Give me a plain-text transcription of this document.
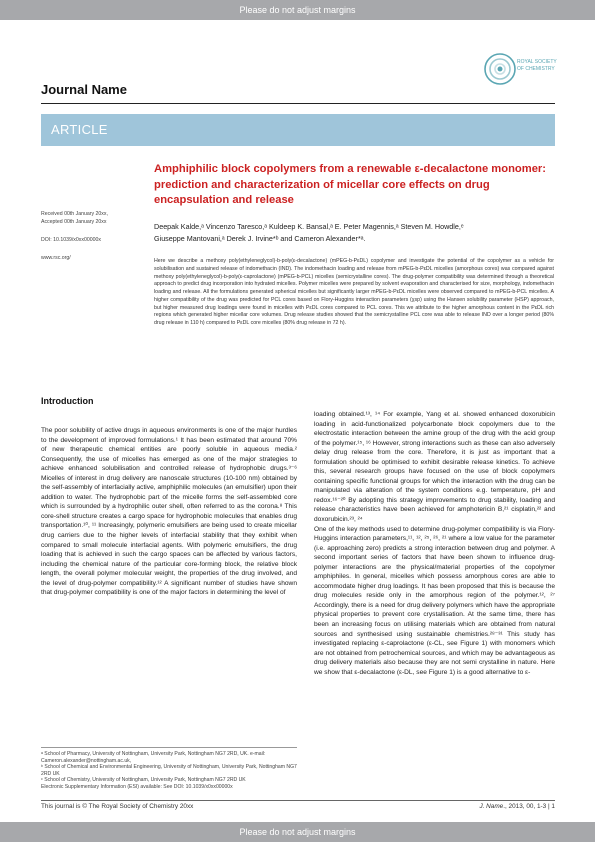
Please do not adjust margins
Journal Name
ROYAL SOCIETY
OF CHEMISTRY
ARTICLE
Amphiphilic block copolymers from a renewable ε-decalactone monomer: prediction and characterization of micellar core effects on drug encapsulation and release
Received 00th January 20xx,
Accepted 00th January 20xx
DOI: 10.1039/x0xx00000x
www.rsc.org/
Deepak Kalde,ᵃ Vincenzo Taresco,ᵃ Kuldeep K. Bansal,ᵃ E. Peter Magennis,ᵃ Steven M. Howdle,ᵉ
Giuseppe Mantovani,ᵃ Derek J. Irvine*ᵇ and Cameron Alexander*ᵃ.
Here we describe a methoxy poly(ethyleneglycol)-b-poly(ε-decalactone) (mPEG-b-PεDL) copolymer and investigate the potential of the copolymer as a vehicle for solubilisation and sustained release of indomethacin (IND). The indomethacin loading and release from mPEG-b-PεDL micelles (amorphous cores) was compared against methoxy poly(ethyleneglycol)-b-poly(ε-caprolactone) (mPEG-b-PCL) micelles (semicrystalline cores). The drug-polymer compatibility was determined through a theoretical approach to predict drug incorporation into hydrated micelles. Polymer micelles were prepared by solvent evaporation and characterised for size, morphology, indomethacin loading and release. All the formulations generated spherical micelles but significantly larger mPEG-b-PεDL micelles were observed compared to mPEG-b-PCL micelles. A higher compatibility of the drug was predicted for PCL cores based on Flory-Huggins interaction parameters (χsp) using the Hansen solubility parameter (HSP) approach, but higher measured drug loadings were found in micelles with PεDL cores compared to PCL cores. This we attribute to the higher amorphous content in the PεDL rich regions which generated higher micellar core volumes. Drug release studies showed that the semicrystalline PCL core was able to release IND over a longer period (80% drug release in 110 h) compared to PεDL core micelles (80% drug release in 72 h).
Introduction

The poor solubility of active drugs in aqueous environments is one of the major hurdles to the development of improved formulations.¹ It has been estimated that around 70% of new therapeutic chemical entities are poorly soluble in aqueous media.² Consequently, the use of micelles has emerged as one of the major strategies to achieve enhanced solubilisation and controlled release of hydrophobic drugs.³⁻⁶ Micelles of interest in drug delivery are nanoscale structures (10-100 nm) obtained by the self-assembly of interfacially active, amphiphilic molecules (an emulsifier) upon their addition to water. The hydrophobic part of the micelle forms the self-assembled core which is surrounded by a hydrophilic outer shell, often referred to as the corona.⁸ This core-shell structure creates a cargo space for hydrophobic molecules that enables drug transportation.¹⁰, ¹¹ Increasingly, polymeric emulsifiers are being used to create micellar drug carriers due to the higher levels of interfacial stability that they exhibit when compared to small molecule interfacial agents. With polymeric emulsifiers, the drug loading that is achieved in such the cargo spaces can be affected by various factors, including the chemical nature of the particular core-forming block, the relative block length, the overall polymer molecular weight, the properties of the drug involved, and the level of drug-polymer compatibility.¹² A significant number of studies have shown that drug-polymer compatibility is one of the major factors in determining the level of

loading obtained.¹³, ¹⁴ For example, Yang et al. showed enhanced doxorubicin loading in acid-functionalized polycarbonate block copolymers due to the electrostatic interaction between the amine group of the drug with the acid group of the polymer.¹⁵, ¹⁶ However, strong interactions such as these can also adversely delay drug release from the core. Therefore, it is just as important that a formulation should be optimised to exhibit desirable release kinetics. To achieve this, several research groups have focused on the use of block copolymers containing specific functional groups for which the interaction with the drug can be manipulated via alteration of the system conditions e.g. temperature, pH and redox.¹⁶⁻²⁰ By adopting this strategy improvements to drug stability, loading and release characteristics have been achieved for amphotericin B,²¹ cisplatin,²² and doxorubicin.²³, ²⁴

One of the key methods used to determine drug-polymer compatibility is via Flory-Huggins interaction parameters,¹¹, ¹², ²⁵, ²⁶, ²¹ where a low value for the parameter (i.e. approaching zero) predicts a strong interaction between drug and polymer. A second important series of factors that have been shown to influence drug-polymer interactions are the physical/material properties of the copolymer amphiphiles. In general, micelles which possess amorphous cores are able to accommodate higher drug loadings. It has been proposed that this is because the drug molecules reside only in the amorphous region of the polymer.¹², ²⁷ Accordingly, there is a need for drug delivery polymers which have the appropriate physical properties to prevent core crystallisation. At the same time, there has been an increasing focus on utilising materials which are obtained from natural sources and synthesised using sustainable chemistries.²⁸⁻³¹ This study has investigated replacing ε-caprolactone (ε-CL, see Figure 1) with monomers which are not obtained from petrochemical sources, and which may be advantageous as drug delivery materials also because they are not semi crystalline in nature. Here we show that ε-decalactone (ε-DL, see Figure 1) is a good alternative to ε-

ᵃ School of Pharmacy, University of Nottingham, University Park, Nottingham NG7 2RD, UK. e-mail: Cameron.alexander@nottingham.ac.uk,
ᵇ School of Chemical and Environmental Engineering, University of Nottingham, University Park, Nottingham NG7 2RD UK
ᶜ School of Chemistry, University of Nottingham, University Park, Nottingham NG7 2RD UK
Electronic Supplementary Information (ESI) available: See DOI: 10.1039/x0xx00000x
This journal is © The Royal Society of Chemistry 20xx	J. Name., 2013, 00, 1-3 | 1
Please do not adjust margins
